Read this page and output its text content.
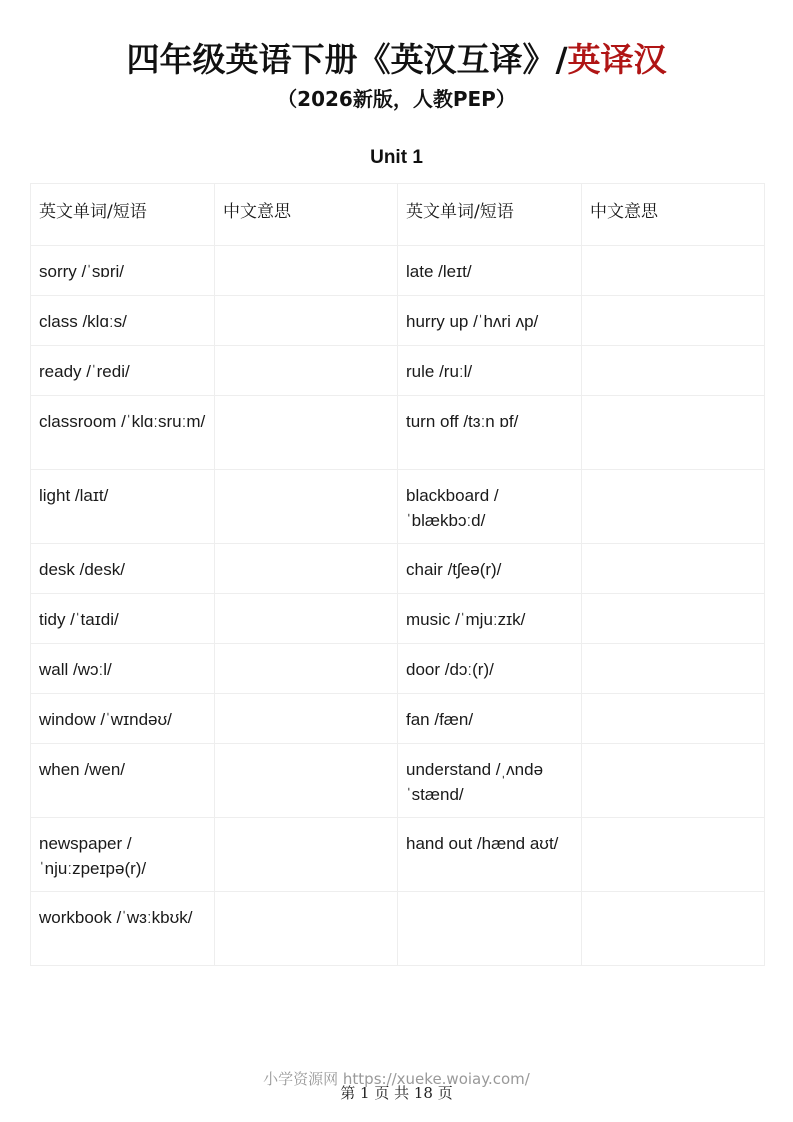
四年级英语下册《英汉互译》/英译汉
（2026新版，人教PEP）
Unit 1
英文单词/短语	中文意思	英文单词/短语	中文意思
sorry /ˈsɒri/		late /leɪt/	
class /klɑːs/		hurry up /ˈhʌri ʌp/	
ready /ˈredi/		rule /ruːl/	
classroom /ˈklɑːsruːm/		turn off /tɜːn ɒf/	
light /laɪt/		blackboard /ˈblækbɔːd/	
desk /desk/		chair /tʃeə(r)/	
tidy /ˈtaɪdi/		music /ˈmjuːzɪk/	
wall /wɔːl/		door /dɔː(r)/	
window /ˈwɪndəʊ/		fan /fæn/	
when /wen/		understand /ˌʌndəˈstænd/	
newspaper /ˈnjuːzpeɪpə(r)/		hand out /hænd aʊt/	
workbook /ˈwɜːkbʊk/			
小学资源网 https://xueke.woiay.com/
第 1 页 共 18 页
